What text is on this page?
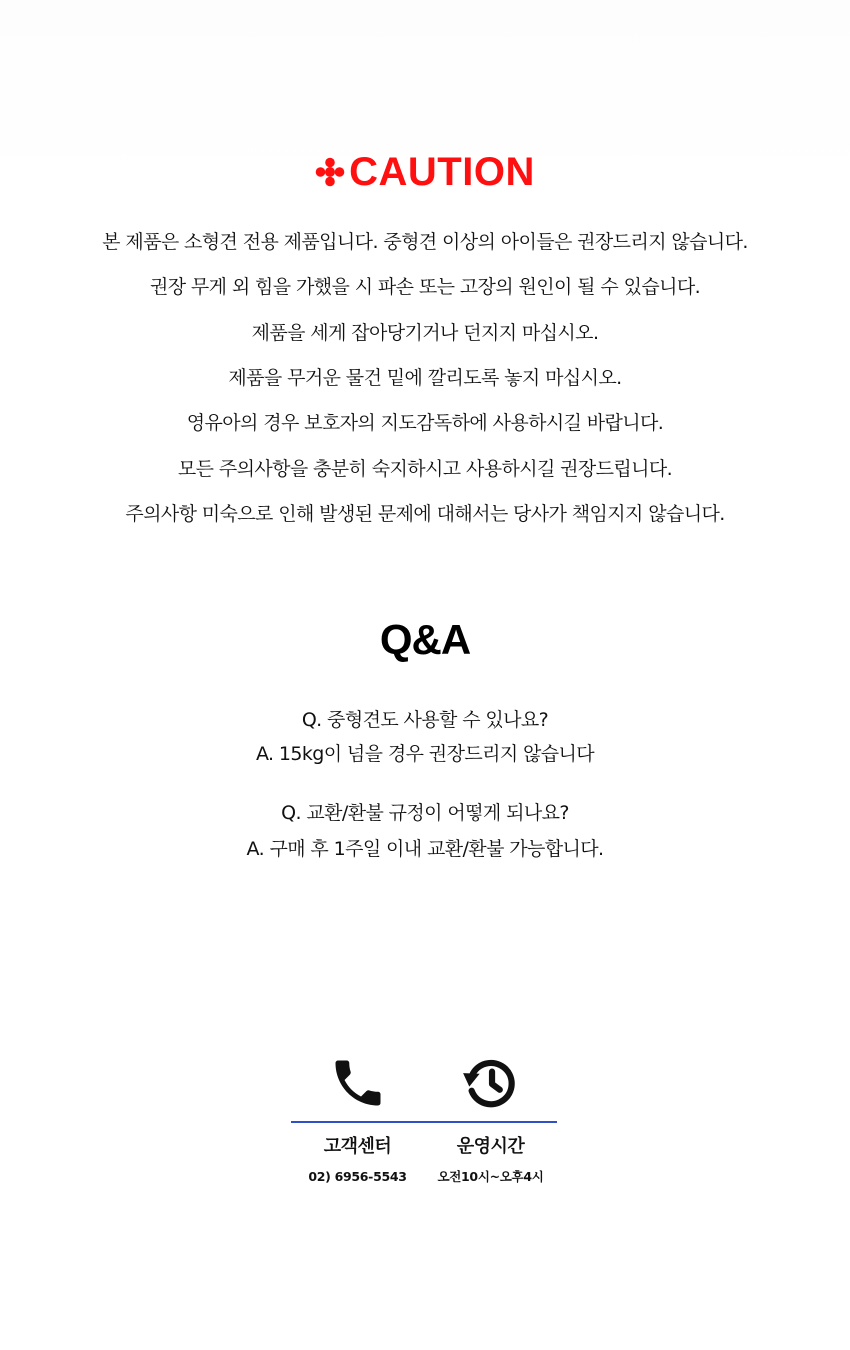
CAUTION
본 제품은 소형견 전용 제품입니다. 중형견 이상의 아이들은 권장드리지 않습니다.
권장 무게 외 힘을 가했을 시 파손 또는 고장의 원인이 될 수 있습니다.
제품을 세게 잡아당기거나 던지지 마십시오.
제품을 무거운 물건 밑에 깔리도록 놓지 마십시오.
영유아의 경우 보호자의 지도감독하에 사용하시길 바랍니다.
모든 주의사항을 충분히 숙지하시고 사용하시길 권장드립니다.
주의사항 미숙으로 인해 발생된 문제에 대해서는 당사가 책임지지 않습니다.
Q&A
Q. 중형견도 사용할 수 있나요?
A. 15kg이 넘을 경우 권장드리지 않습니다
Q. 교환/환불 규정이 어떻게 되나요?
A. 구매 후 1주일 이내 교환/환불 가능합니다.
고객센터	운영시간
02) 6956-5543	오전10시~오후4시
